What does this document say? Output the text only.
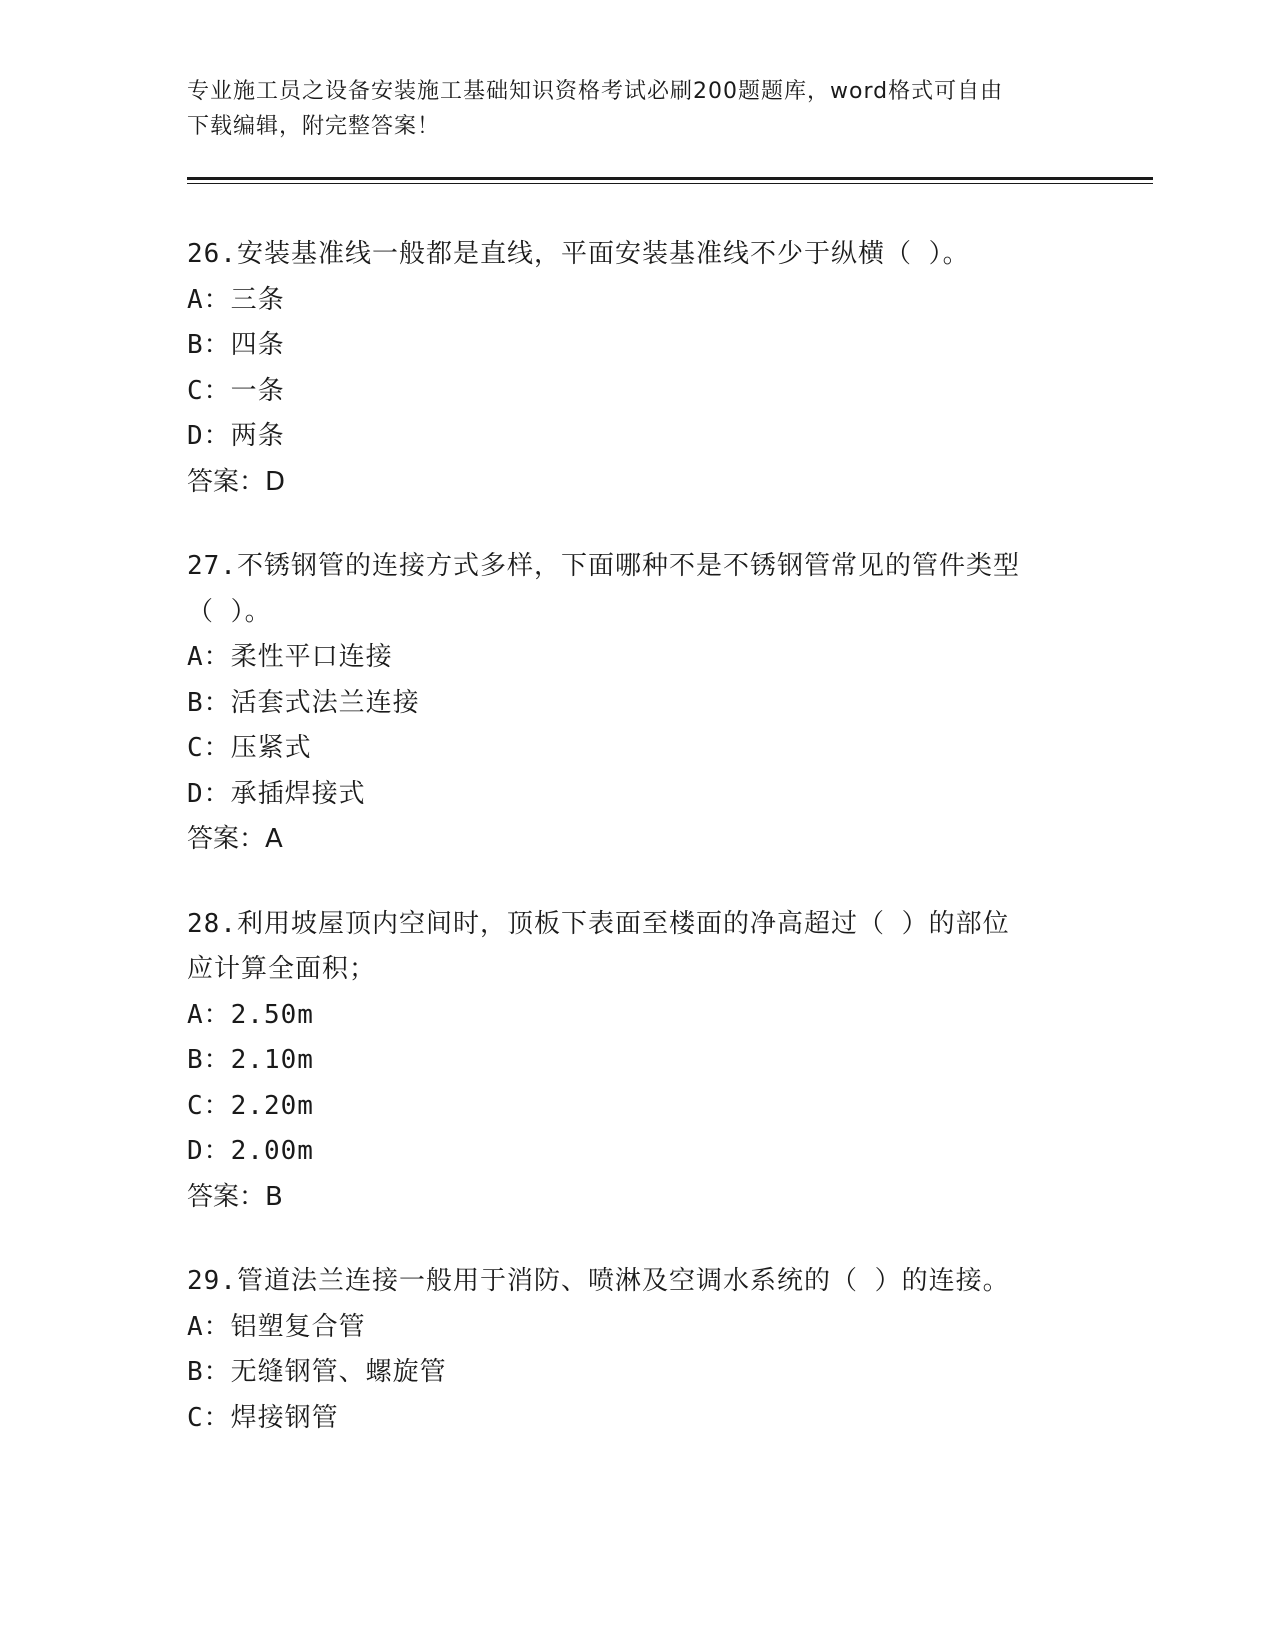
专业施工员之设备安装施工基础知识资格考试必刷200题题库，word格式可自由
下载编辑，附完整答案！
26.安装基准线一般都是直线，平面安装基准线不少于纵横（ ）。
A：三条
B：四条
C：一条
D：两条
答案：D
27.不锈钢管的连接方式多样，下面哪种不是不锈钢管常见的管件类型
（ ）。
A：柔性平口连接
B：活套式法兰连接
C：压紧式
D：承插焊接式
答案：A
28.利用坡屋顶内空间时，顶板下表面至楼面的净高超过（ ）的部位
应计算全面积；
A：2.50m
B：2.10m
C：2.20m
D：2.00m
答案：B
29.管道法兰连接一般用于消防、喷淋及空调水系统的（ ）的连接。
A：铝塑复合管
B：无缝钢管、螺旋管
C：焊接钢管
